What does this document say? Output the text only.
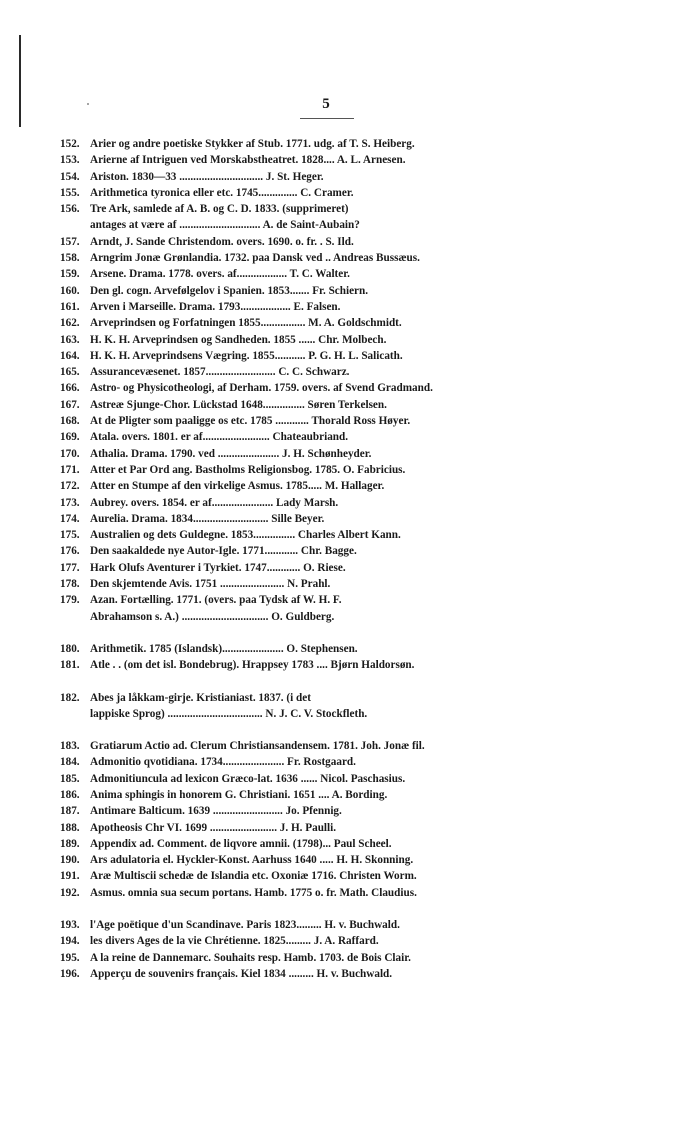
5
152. Arier og andre poetiske Stykker af Stub. 1771. udg. af T. S. Heiberg.
153. Arierne af Intriguen ved Morskabstheatret. 1828.... A. L. Arnesen.
154. Ariston. 1830—33 .............................. J. St. Heger.
155. Arithmetica tyronica eller etc. 1745.............. C. Cramer.
156. Tre Ark, samlede af A. B. og C. D. 1833. (supprimeret)
antages at være af ............................. A. de Saint-Aubain?
157. Arndt, J. Sande Christendom. overs. 1690. o. fr. . S. Ild.
158. Arngrim Jonæ Grønlandia. 1732. paa Dansk ved .. Andreas Bussæus.
159. Arsene. Drama. 1778. overs. af.................. T. C. Walter.
160. Den gl. cogn. Arvefølgelov i Spanien. 1853....... Fr. Schiern.
161. Arven i Marseille. Drama. 1793.................. E. Falsen.
162. Arveprindsen og Forfatningen 1855................ M. A. Goldschmidt.
163. H. K. H. Arveprindsen og Sandheden. 1855 ...... Chr. Molbech.
164. H. K. H. Arveprindsens Vægring. 1855........... P. G. H. L. Salicath.
165. Assurancevæsenet. 1857......................... C. C. Schwarz.
166. Astro- og Physicotheologi, af Derham. 1759. overs. af Svend Gradmand.
167. Astreæ Sjunge-Chor. Lückstad 1648............... Søren Terkelsen.
168. At de Pligter som paaligge os etc. 1785 ............ Thorald Ross Høyer.
169. Atala. overs. 1801. er af........................ Chateaubriand.
170. Athalia. Drama. 1790. ved ...................... J. H. Schønheyder.
171. Atter et Par Ord ang. Bastholms Religionsbog. 1785. O. Fabricius.
172. Atter en Stumpe af den virkelige Asmus. 1785..... M. Hallager.
173. Aubrey. overs. 1854. er af...................... Lady Marsh.
174. Aurelia. Drama. 1834........................... Sille Beyer.
175. Australien og dets Guldegne. 1853............... Charles Albert Kann.
176. Den saakaldede nye Autor-Igle. 1771............ Chr. Bagge.
177. Hark Olufs Aventurer i Tyrkiet. 1747............ O. Riese.
178. Den skjemtende Avis. 1751 ....................... N. Prahl.
179. Azan. Fortælling. 1771. (overs. paa Tydsk af W. H. F.
Abrahamson s. A.) ............................... O. Guldberg.
180. Arithmetik. 1785 (Islandsk)...................... O. Stephensen.
181. Atle . . (om det isl. Bondebrug). Hrappsey 1783 .... Bjørn Haldorsøn.
182. Abes ja låkkam-girje. Kristianiast. 1837. (i det
lappiske Sprog) .................................. N. J. C. V. Stockfleth.
183. Gratiarum Actio ad. Clerum Christiansandensem. 1781. Joh. Jonæ fil.
184. Admonitio qvotidiana. 1734...................... Fr. Rostgaard.
185. Admonitiuncula ad lexicon Græco-lat. 1636 ...... Nicol. Paschasius.
186. Anima sphingis in honorem G. Christiani. 1651 .... A. Bording.
187. Antimare Balticum. 1639 ......................... Jo. Pfennig.
188. Apotheosis Chr VI. 1699 ........................ J. H. Paulli.
189. Appendix ad. Comment. de liqvore amnii. (1798)... Paul Scheel.
190. Ars adulatoria el. Hyckler-Konst. Aarhuss 1640 ..... H. H. Skonning.
191. Aræ Multiscii schedæ de Islandia etc. Oxoniæ 1716. Christen Worm.
192. Asmus. omnia sua secum portans. Hamb. 1775 o. fr. Math. Claudius.
193. l'Age poëtique d'un Scandinave. Paris 1823......... H. v. Buchwald.
194. les divers Ages de la vie Chrétienne. 1825......... J. A. Raffard.
195. A la reine de Dannemarc. Souhaits resp. Hamb. 1703. de Bois Clair.
196. Apperçu de souvenirs français. Kiel 1834 ......... H. v. Buchwald.
